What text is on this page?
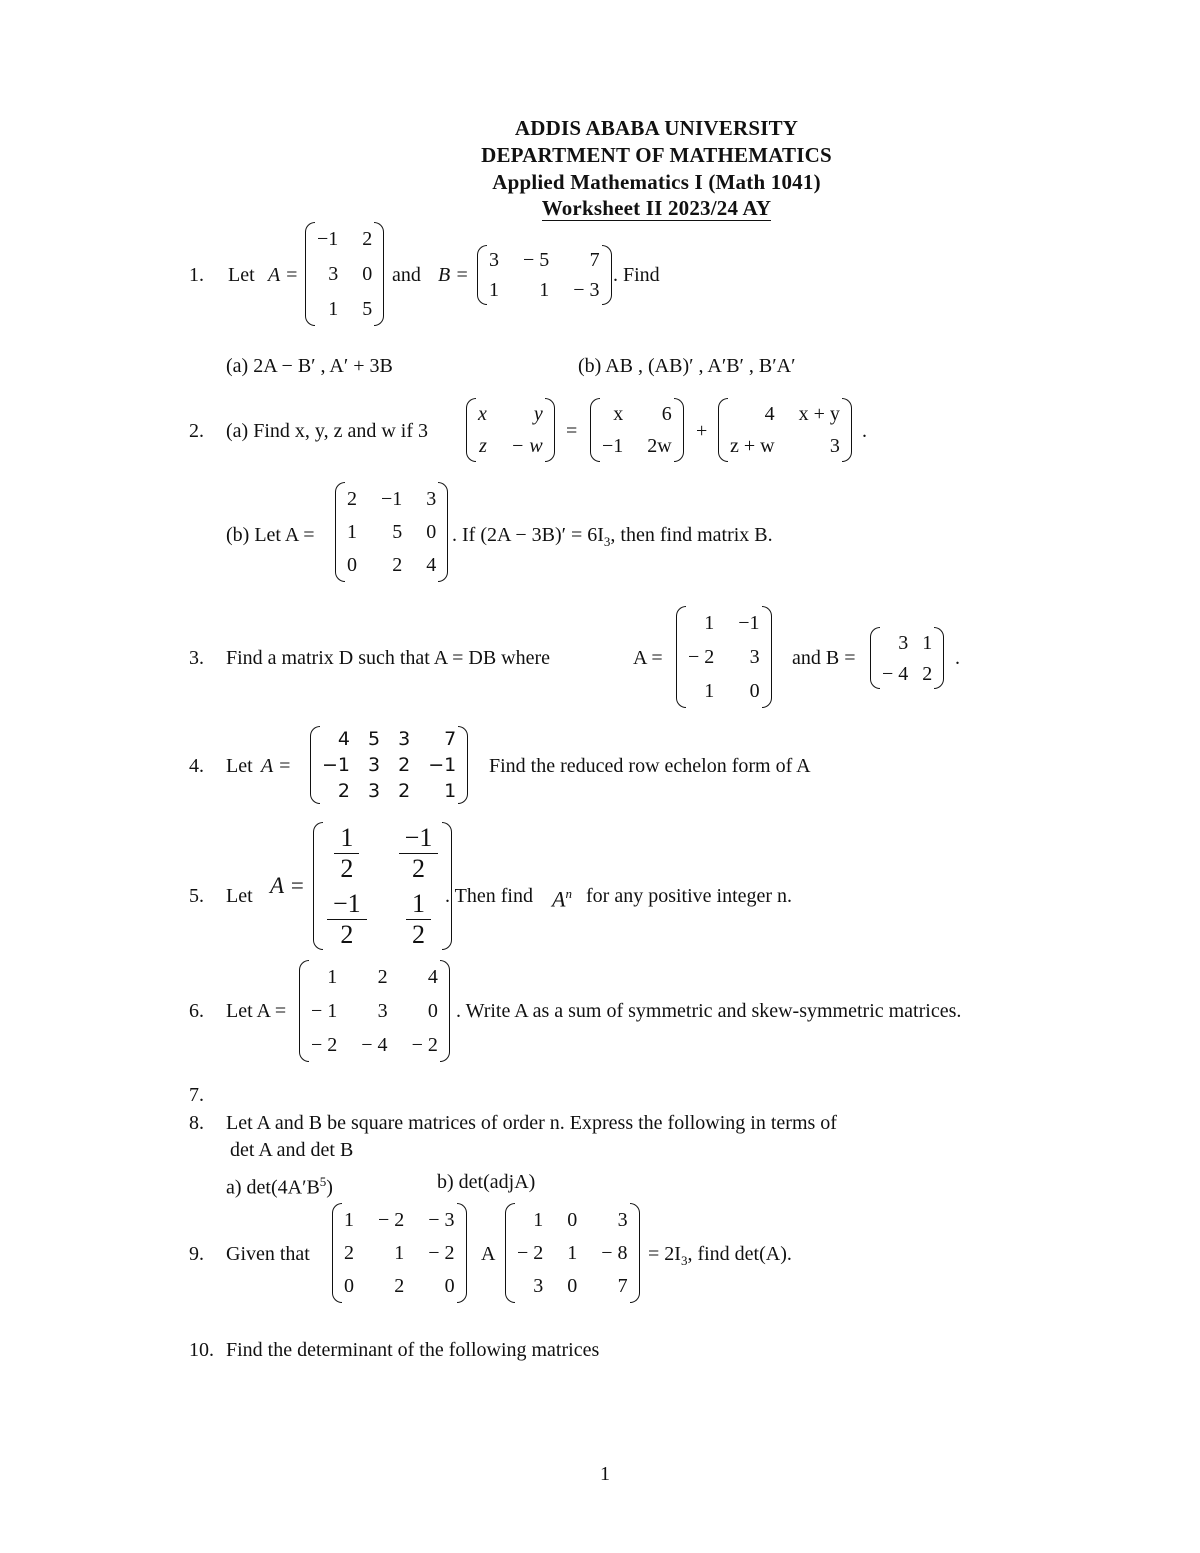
ADDIS ABABA UNIVERSITY
DEPARTMENT OF MATHEMATICS
Applied Mathematics I (Math 1041)
Worksheet II 2023/24 AY
1. Let A =
−1 2
3 0
1 5
and B =
3 − 5 7
1 1 − 3
. Find
(a) 2A − B′ , A′ + 3B	(b) AB , (AB)′ , A′B′ , B′A′
2. (a) Find x, y, z and w if 3
x y
z − w
=
x 6
−1 2w
+
4 x + y
z + w	3
.
(b) Let A =
2 −1 3
1 5 0
0 2 4
. If $(2A - 3B)' = 6I_3$, then find matrix B.
3. Find a matrix D such that A = DB where	A =
1 −1
− 2 3
1 0
and B =
3 1
− 4 2
.
4. Let A =
4 5 3 7
−1 3 2 −1
2 3 2 1
Find the reduced row echelon form of A
5. Let A =
$\frac{1}{2} \frac{-1}{2}$
$\frac{-1}{2} \frac{1}{2}$ . Then find $A^n$ for any positive integer n.
6. Let A =
1 2 4
− 1 3 0
− 2 − 4 − 2
. Write A as a sum of symmetric and skew-symmetric matrices.
7.
8. Let A and B be square matrices of order n. Express the following in terms of
det A and det B
a) $\det(4A'B^5)$	b) det(adjA)
9. Given that
1 − 2 − 3
2 1 − 2
0 2 0
A
1 0 3
− 2 1 − 8
3 0 7
= $2I_3$, find det(A).
10. Find the determinant of the following matrices
1
